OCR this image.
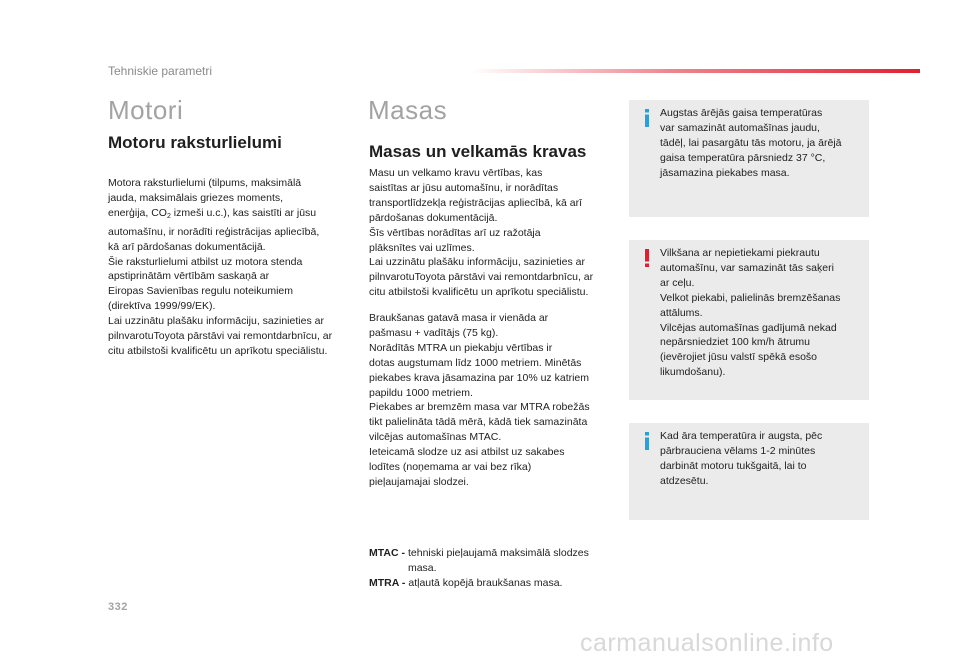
Tehniskie parametri
Motori
Motoru raksturlielumi

Motora raksturlielumi (tilpums, maksimālā
jauda, maksimālais griezes moments,
enerģija, CO2 izmeši u.c.), kas saistīti ar jūsu
automašīnu, ir norādīti reģistrācijas apliecībā,
kā arī pārdošanas dokumentācijā.
Šie raksturlielumi atbilst uz motora stenda
apstiprinātām vērtībām saskaņā ar
Eiropas Savienības regulu noteikumiem
(direktīva 1999/99/EK).
Lai uzzinātu plašāku informāciju, sazinieties ar
pilnvarotuToyota pārstāvi vai remontdarbnīcu, ar
citu atbilstoši kvalificētu un aprīkotu speciālistu.

Masas
Masas un velkamās kravas

Masu un velkamo kravu vērtības, kas
saistītas ar jūsu automašīnu, ir norādītas
transportlīdzekļa reģistrācijas apliecībā, kā arī
pārdošanas dokumentācijā.
Šīs vērtības norādītas arī uz ražotāja
plāksnītes vai uzlīmes.
Lai uzzinātu plašāku informāciju, sazinieties ar
pilnvarotuToyota pārstāvi vai remontdarbnīcu, ar
citu atbilstoši kvalificētu un aprīkotu speciālistu.

Braukšanas gatavā masa ir vienāda ar
pašmasu + vadītājs (75 kg).
Norādītās MTRA un piekabju vērtības ir
dotas augstumam līdz 1000 metriem. Minētās
piekabes krava jāsamazina par 10% uz katriem
papildu 1000 metriem.
Piekabes ar bremzēm masa var MTRA robežās
tikt palielināta tādā mērā, kādā tiek samazināta
vilcējas automašīnas MTAC.
Ieteicamā slodze uz asi atbilst uz sakabes
lodītes (noņemama ar vai bez rīka)
pieļaujamajai slodzei.

MTAC - tehniski pieļaujamā maksimālā slodzes masa.
MTRA - atļautā kopējā braukšanas masa.

Augstas ārējās gaisa temperatūras
var samazināt automašīnas jaudu,
tādēļ, lai pasargātu tās motoru, ja ārējā
gaisa temperatūra pārsniedz 37 °C,
jāsamazina piekabes masa.

Vilkšana ar nepietiekami piekrautu
automašīnu, var samazināt tās saķeri
ar ceļu.
Velkot piekabi, palielinās bremzēšanas
attālums.
Vilcējas automašīnas gadījumā nekad
nepārsniedziet 100 km/h ātrumu
(ievērojiet jūsu valstī spēkā esošo
likumdošanu).

Kad āra temperatūra ir augsta, pēc
pārbrauciena vēlams 1-2 minūtes
darbināt motoru tukšgaitā, lai to
atdzesētu.

332
carmanualsonline.info
